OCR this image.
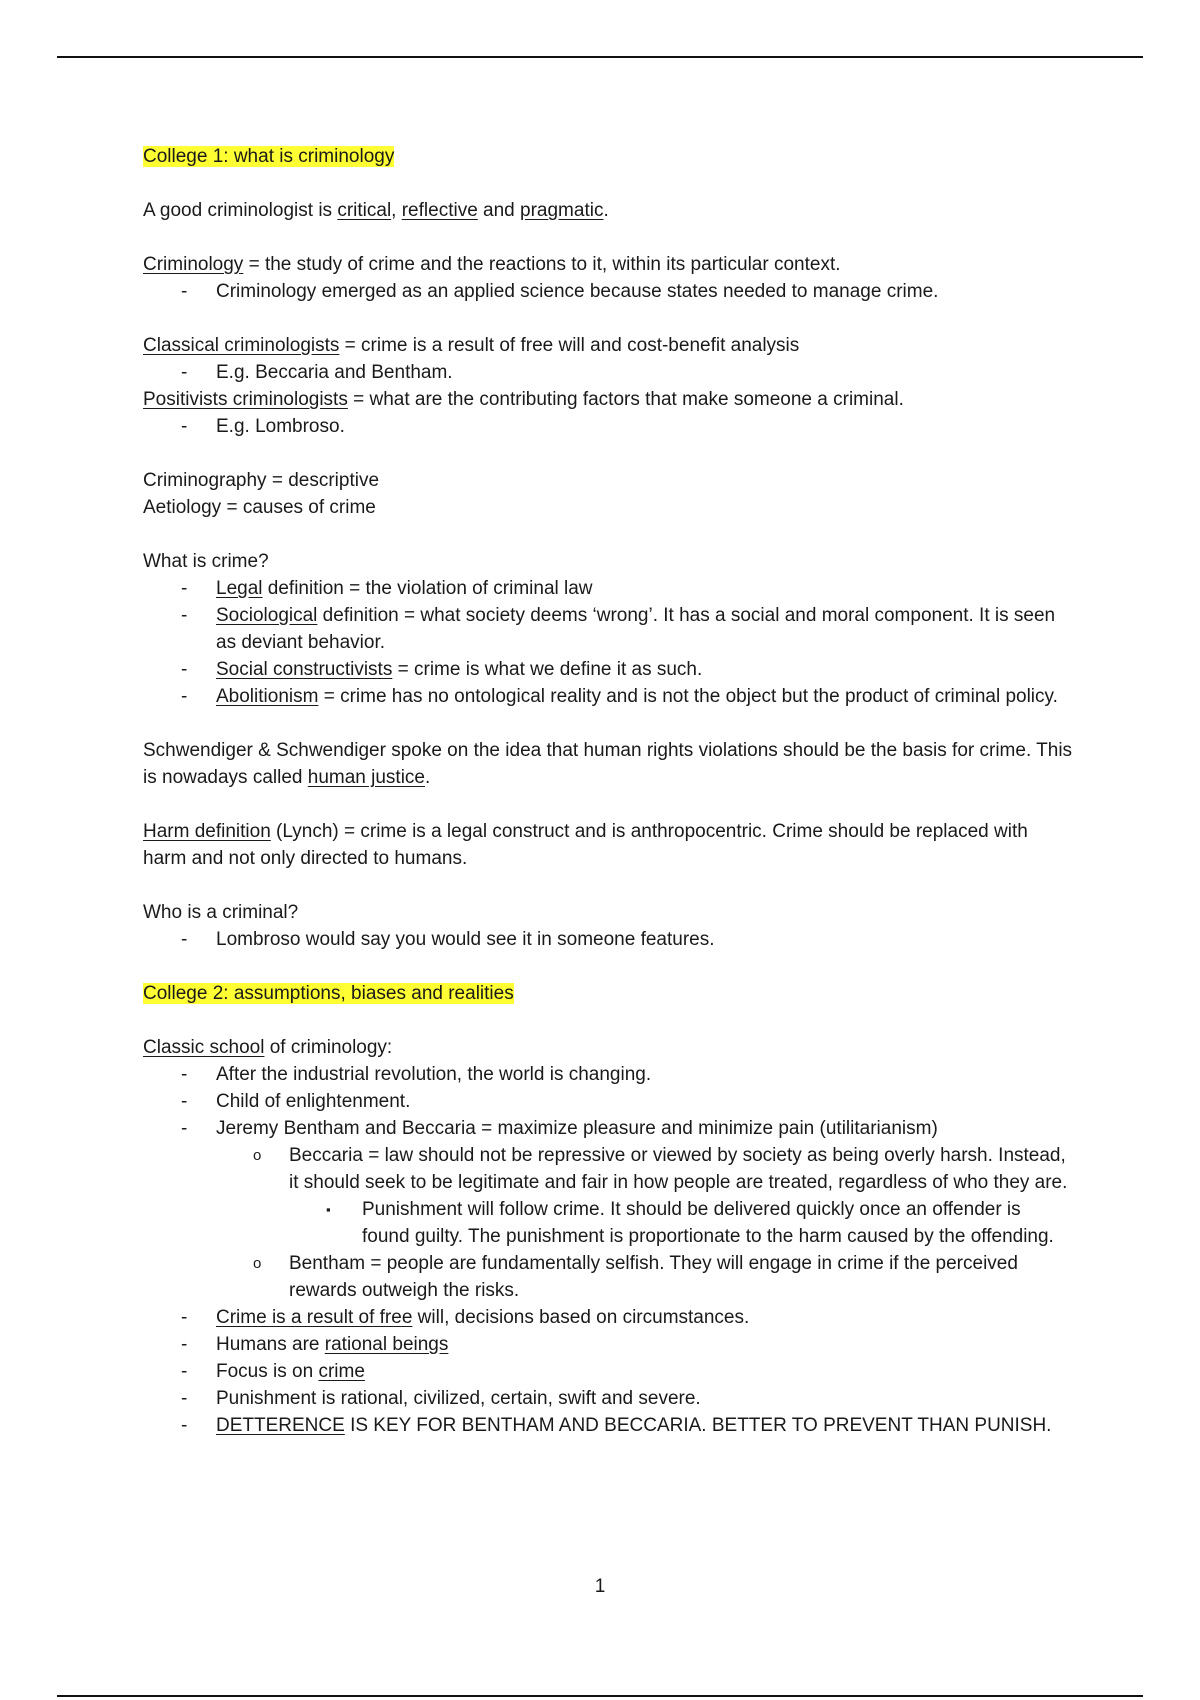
College 1: what is criminology

A good criminologist is critical, reflective and pragmatic.

Criminology = the study of crime and the reactions to it, within its particular context.

- Criminology emerged as an applied science because states needed to manage crime.

Classical criminologists = crime is a result of free will and cost-benefit analysis

- E.g. Beccaria and Bentham.

Positivists criminologists = what are the contributing factors that make someone a criminal.

- E.g. Lombroso.

Criminography = descriptive

Aetiology = causes of crime

What is crime?

- Legal definition = the violation of criminal law
- Sociological definition = what society deems ‘wrong’. It has a social and moral component. It is seen as deviant behavior.
- Social constructivists = crime is what we define it as such.
- Abolitionism = crime has no ontological reality and is not the object but the product of criminal policy.

Schwendiger & Schwendiger spoke on the idea that human rights violations should be the basis for crime. This is nowadays called human justice.

Harm definition (Lynch) = crime is a legal construct and is anthropocentric. Crime should be replaced with harm and not only directed to humans.

Who is a criminal?

- Lombroso would say you would see it in someone features.

College 2: assumptions, biases and realities

Classic school of criminology:

- After the industrial revolution, the world is changing.
- Child of enlightenment.
- Jeremy Bentham and Beccaria = maximize pleasure and minimize pain (utilitarianism)
o Beccaria = law should not be repressive or viewed by society as being overly harsh. Instead, it should seek to be legitimate and fair in how people are treated, regardless of who they are.
▪ Punishment will follow crime. It should be delivered quickly once an offender is found guilty. The punishment is proportionate to the harm caused by the offending.
o Bentham = people are fundamentally selfish. They will engage in crime if the perceived rewards outweigh the risks.
- Crime is a result of free will, decisions based on circumstances.
- Humans are rational beings
- Focus is on crime
- Punishment is rational, civilized, certain, swift and severe.
- DETTERENCE IS KEY FOR BENTHAM AND BECCARIA. BETTER TO PREVENT THAN PUNISH.
1
